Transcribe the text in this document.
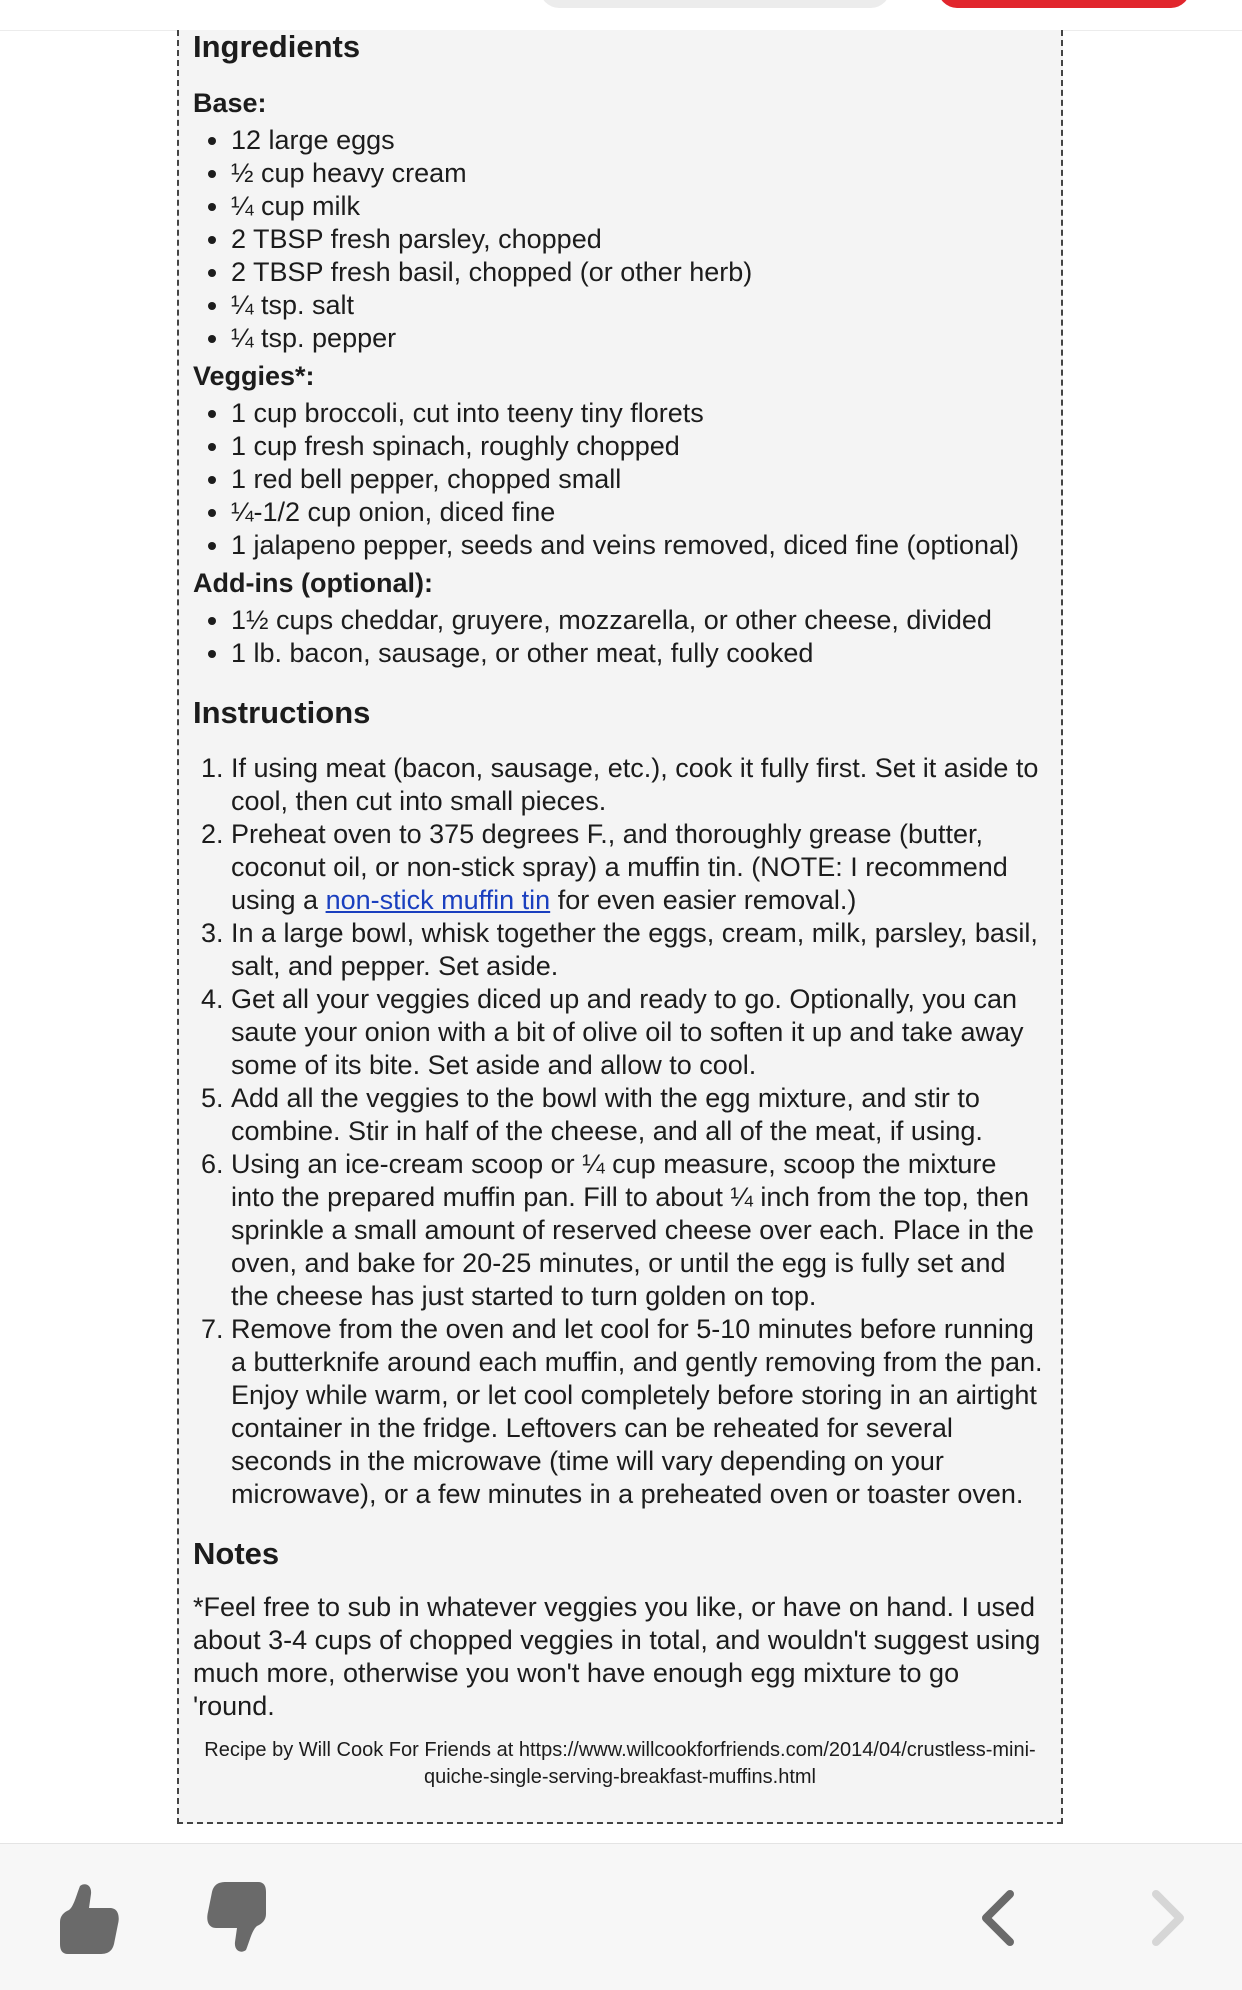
Ingredients
Base:
• 12 large eggs
• ½ cup heavy cream
• ¼ cup milk
• 2 TBSP fresh parsley, chopped
• 2 TBSP fresh basil, chopped (or other herb)
• ¼ tsp. salt
• ¼ tsp. pepper
Veggies*:
• 1 cup broccoli, cut into teeny tiny florets
• 1 cup fresh spinach, roughly chopped
• 1 red bell pepper, chopped small
• ¼-1/2 cup onion, diced fine
• 1 jalapeno pepper, seeds and veins removed, diced fine (optional)
Add-ins (optional):
• 1½ cups cheddar, gruyere, mozzarella, or other cheese, divided
• 1 lb. bacon, sausage, or other meat, fully cooked
Instructions
1. If using meat (bacon, sausage, etc.), cook it fully first. Set it aside to cool, then cut into small pieces.
2. Preheat oven to 375 degrees F., and thoroughly grease (butter, coconut oil, or non-stick spray) a muffin tin. (NOTE: I recommend using a non-stick muffin tin for even easier removal.)
3. In a large bowl, whisk together the eggs, cream, milk, parsley, basil, salt, and pepper. Set aside.
4. Get all your veggies diced up and ready to go. Optionally, you can saute your onion with a bit of olive oil to soften it up and take away some of its bite. Set aside and allow to cool.
5. Add all the veggies to the bowl with the egg mixture, and stir to combine. Stir in half of the cheese, and all of the meat, if using.
6. Using an ice-cream scoop or ¼ cup measure, scoop the mixture into the prepared muffin pan. Fill to about ¼ inch from the top, then sprinkle a small amount of reserved cheese over each. Place in the oven, and bake for 20-25 minutes, or until the egg is fully set and the cheese has just started to turn golden on top.
7. Remove from the oven and let cool for 5-10 minutes before running a butterknife around each muffin, and gently removing from the pan. Enjoy while warm, or let cool completely before storing in an airtight container in the fridge. Leftovers can be reheated for several seconds in the microwave (time will vary depending on your microwave), or a few minutes in a preheated oven or toaster oven.
Notes

*Feel free to sub in whatever veggies you like, or have on hand. I used about 3-4 cups of chopped veggies in total, and wouldn't suggest using much more, otherwise you won't have enough egg mixture to go 'round.

Recipe by Will Cook For Friends at https://www.willcookforfriends.com/2014/04/crustless-mini-quiche-single-serving-breakfast-muffins.html
